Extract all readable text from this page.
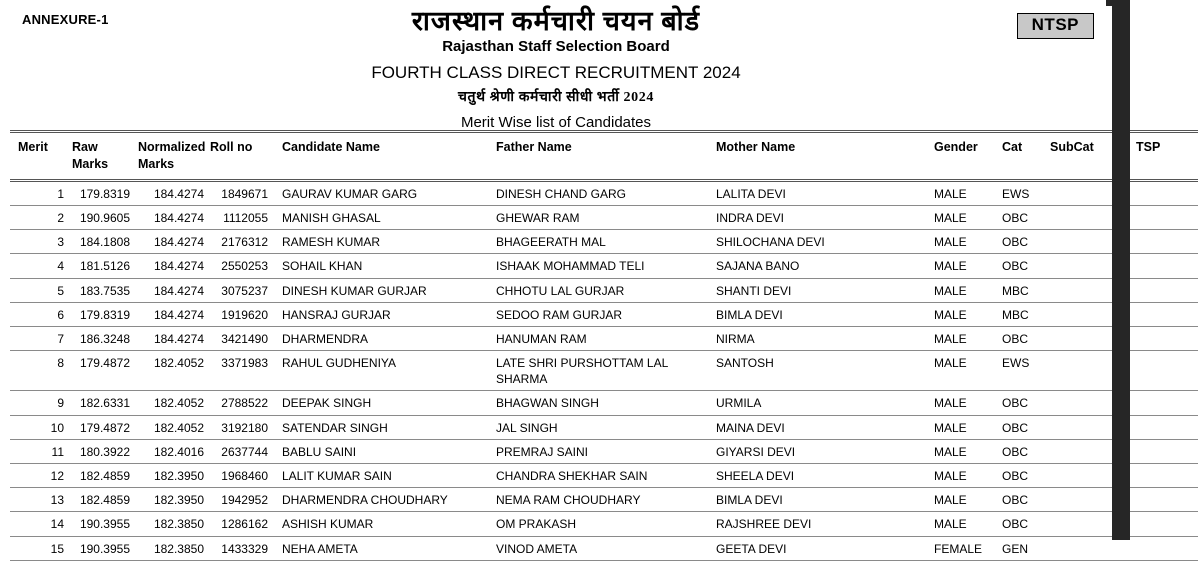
ANNEXURE-1	NTSP
राजस्थान कर्मचारी चयन बोर्ड
Rajasthan Staff Selection Board
FOURTH CLASS DIRECT RECRUITMENT 2024
चतुर्थ श्रेणी कर्मचारी सीधी भर्ती 2024
Merit Wise list of Candidates
Merit	Raw Marks	Normalized Marks	Roll no	Candidate Name	Father Name	Mother Name	Gender	Cat	SubCat	TSP
1	179.8319	184.4274	1849671	GAURAV KUMAR GARG	DINESH CHAND GARG	LALITA DEVI	MALE	EWS		
2	190.9605	184.4274	1112055	MANISH GHASAL	GHEWAR RAM	INDRA DEVI	MALE	OBC		
3	184.1808	184.4274	2176312	RAMESH KUMAR	BHAGEERATH MAL	SHILOCHANA DEVI	MALE	OBC		
4	181.5126	184.4274	2550253	SOHAIL KHAN	ISHAAK MOHAMMAD TELI	SAJANA BANO	MALE	OBC		
5	183.7535	184.4274	3075237	DINESH KUMAR GURJAR	CHHOTU LAL GURJAR	SHANTI DEVI	MALE	MBC		
6	179.8319	184.4274	1919620	HANSRAJ GURJAR	SEDOO RAM GURJAR	BIMLA DEVI	MALE	MBC		
7	186.3248	184.4274	3421490	DHARMENDRA	HANUMAN RAM	NIRMA	MALE	OBC		
8	179.4872	182.4052	3371983	RAHUL GUDHENIYA	LATE SHRI PURSHOTTAM LAL SHARMA	SANTOSH	MALE	EWS		
9	182.6331	182.4052	2788522	DEEPAK SINGH	BHAGWAN SINGH	URMILA	MALE	OBC		
10	179.4872	182.4052	3192180	SATENDAR SINGH	JAL SINGH	MAINA DEVI	MALE	OBC		
11	180.3922	182.4016	2637744	BABLU SAINI	PREMRAJ SAINI	GIYARSI DEVI	MALE	OBC		
12	182.4859	182.3950	1968460	LALIT KUMAR SAIN	CHANDRA SHEKHAR SAIN	SHEELA DEVI	MALE	OBC		
13	182.4859	182.3950	1942952	DHARMENDRA CHOUDHARY	NEMA RAM CHOUDHARY	BIMLA DEVI	MALE	OBC		
14	190.3955	182.3850	1286162	ASHISH KUMAR	OM PRAKASH	RAJSHREE DEVI	MALE	OBC		
15	190.3955	182.3850	1433329	NEHA AMETA	VINOD AMETA	GEETA DEVI	FEMALE	GEN		
